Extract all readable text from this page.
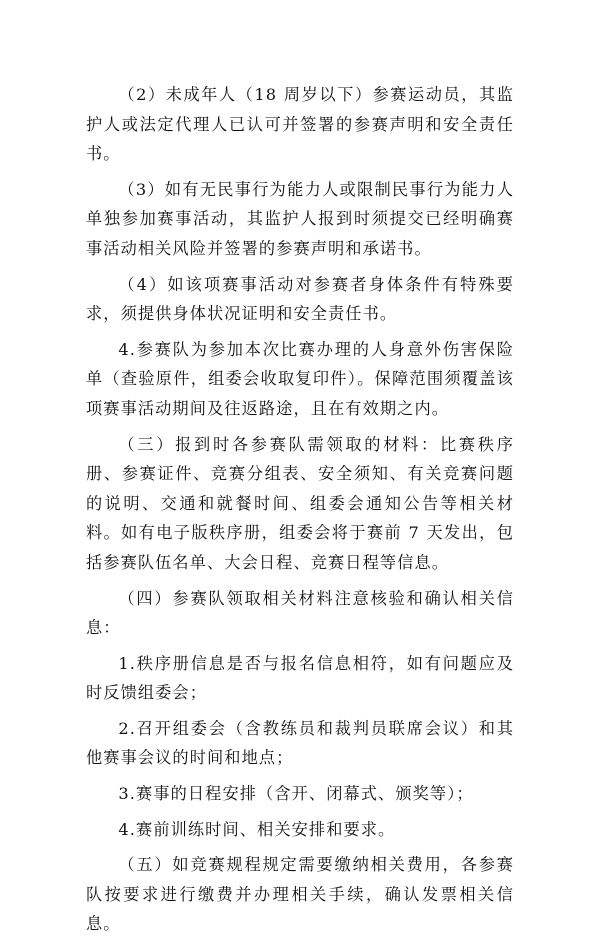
（2）未成年人（18 周岁以下）参赛运动员，其监护人或法定代理人已认可并签署的参赛声明和安全责任书。

（3）如有无民事行为能力人或限制民事行为能力人单独参加赛事活动，其监护人报到时须提交已经明确赛事活动相关风险并签署的参赛声明和承诺书。

（4）如该项赛事活动对参赛者身体条件有特殊要求，须提供身体状况证明和安全责任书。

4.参赛队为参加本次比赛办理的人身意外伤害保险单（查验原件，组委会收取复印件）。保障范围须覆盖该项赛事活动期间及往返路途，且在有效期之内。

（三）报到时各参赛队需领取的材料：比赛秩序册、参赛证件、竞赛分组表、安全须知、有关竞赛问题的说明、交通和就餐时间、组委会通知公告等相关材料。如有电子版秩序册，组委会将于赛前 7 天发出，包括参赛队伍名单、大会日程、竞赛日程等信息。

（四）参赛队领取相关材料注意核验和确认相关信息：

1.秩序册信息是否与报名信息相符，如有问题应及时反馈组委会；

2.召开组委会（含教练员和裁判员联席会议）和其他赛事会议的时间和地点；

3.赛事的日程安排（含开、闭幕式、颁奖等）；

4.赛前训练时间、相关安排和要求。

（五）如竞赛规程规定需要缴纳相关费用，各参赛队按要求进行缴费并办理相关手续，确认发票相关信息。
